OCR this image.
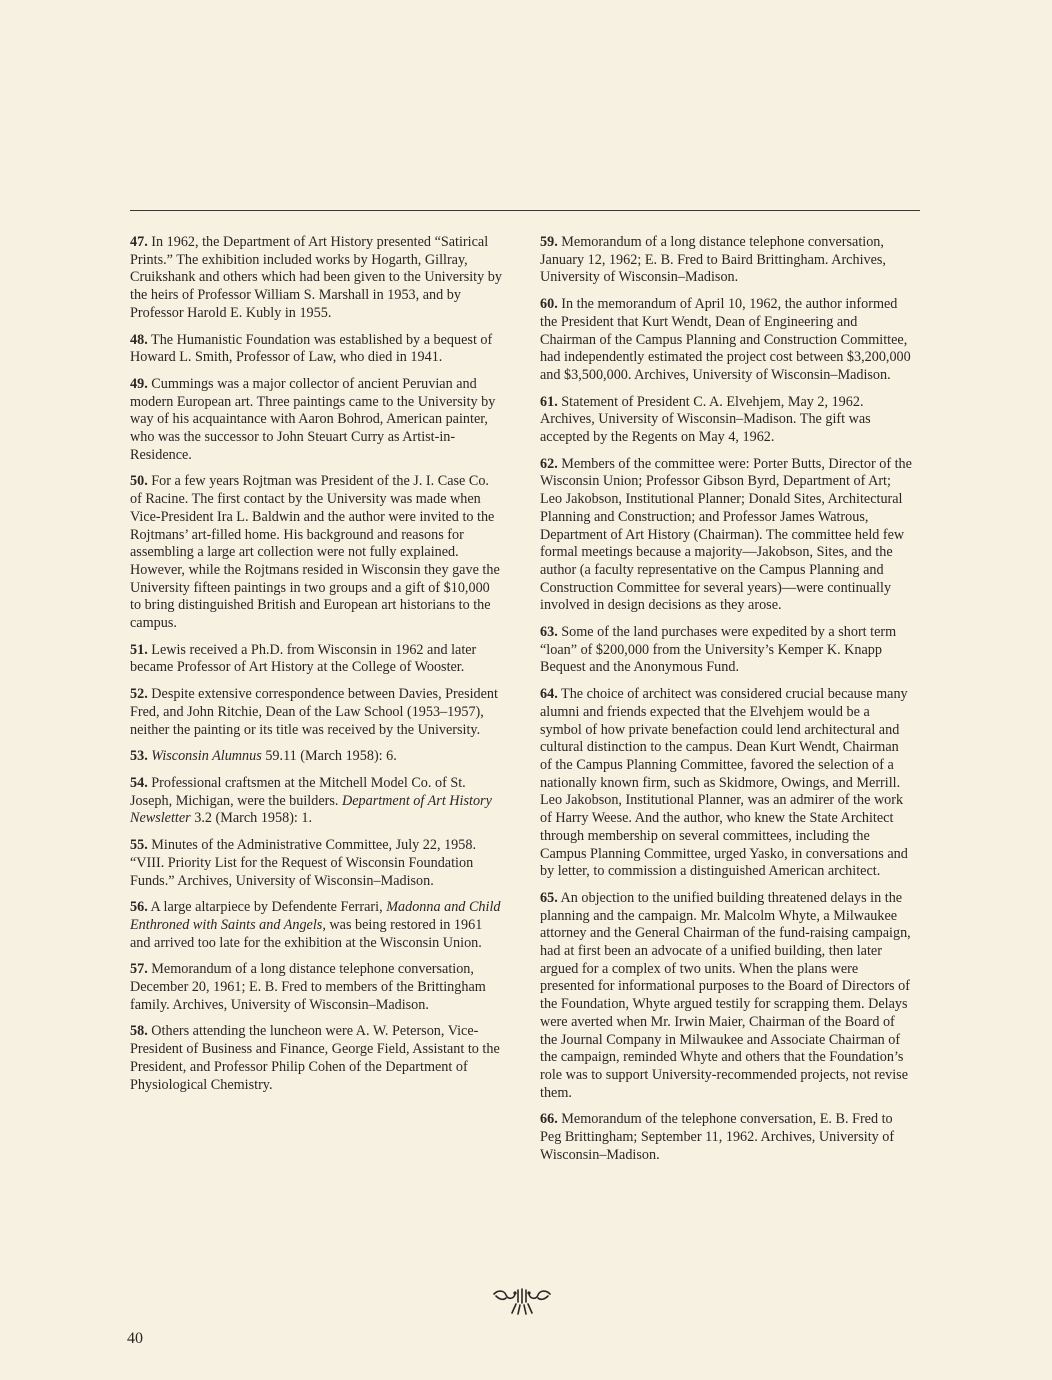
47. In 1962, the Department of Art History presented “Satirical Prints.” The exhibition included works by Hogarth, Gillray, Cruikshank and others which had been given to the University by the heirs of Professor William S. Marshall in 1953, and by Professor Harold E. Kubly in 1955.

48. The Humanistic Foundation was established by a bequest of Howard L. Smith, Professor of Law, who died in 1941.

49. Cummings was a major collector of ancient Peruvian and modern European art. Three paintings came to the University by way of his acquaintance with Aaron Bohrod, American painter, who was the successor to John Steuart Curry as Artist-in-Residence.

50. For a few years Rojtman was President of the J. I. Case Co. of Racine. The first contact by the University was made when Vice-President Ira L. Baldwin and the author were invited to the Rojtmans’ art-filled home. His background and reasons for assembling a large art collection were not fully explained. However, while the Rojtmans resided in Wisconsin they gave the University fifteen paintings in two groups and a gift of $10,000 to bring distinguished British and European art historians to the campus.

51. Lewis received a Ph.D. from Wisconsin in 1962 and later became Professor of Art History at the College of Wooster.

52. Despite extensive correspondence between Davies, President Fred, and John Ritchie, Dean of the Law School (1953–1957), neither the painting or its title was received by the University.

53. Wisconsin Alumnus 59.11 (March 1958): 6.

54. Professional craftsmen at the Mitchell Model Co. of St. Joseph, Michigan, were the builders. Department of Art History Newsletter 3.2 (March 1958): 1.

55. Minutes of the Administrative Committee, July 22, 1958. “VIII. Priority List for the Request of Wisconsin Foundation Funds.” Archives, University of Wisconsin–Madison.

56. A large altarpiece by Defendente Ferrari, Madonna and Child Enthroned with Saints and Angels, was being restored in 1961 and arrived too late for the exhibition at the Wisconsin Union.

57. Memorandum of a long distance telephone conversation, December 20, 1961; E. B. Fred to members of the Brittingham family. Archives, University of Wisconsin–Madison.

58. Others attending the luncheon were A. W. Peterson, Vice-President of Business and Finance, George Field, Assistant to the President, and Professor Philip Cohen of the Department of Physiological Chemistry.

59. Memorandum of a long distance telephone conversation, January 12, 1962; E. B. Fred to Baird Brittingham. Archives, University of Wisconsin–Madison.

60. In the memorandum of April 10, 1962, the author informed the President that Kurt Wendt, Dean of Engineering and Chairman of the Campus Planning and Construction Committee, had independently estimated the project cost between $3,200,000 and $3,500,000. Archives, University of Wisconsin–Madison.

61. Statement of President C. A. Elvehjem, May 2, 1962. Archives, University of Wisconsin–Madison. The gift was accepted by the Regents on May 4, 1962.

62. Members of the committee were: Porter Butts, Director of the Wisconsin Union; Professor Gibson Byrd, Department of Art; Leo Jakobson, Institutional Planner; Donald Sites, Architectural Planning and Construction; and Professor James Watrous, Department of Art History (Chairman). The committee held few formal meetings because a majority—Jakobson, Sites, and the author (a faculty representative on the Campus Planning and Construction Committee for several years)—were continually involved in design decisions as they arose.

63. Some of the land purchases were expedited by a short term “loan” of $200,000 from the University’s Kemper K. Knapp Bequest and the Anonymous Fund.

64. The choice of architect was considered crucial because many alumni and friends expected that the Elvehjem would be a symbol of how private benefaction could lend architectural and cultural distinction to the campus. Dean Kurt Wendt, Chairman of the Campus Planning Committee, favored the selection of a nationally known firm, such as Skidmore, Owings, and Merrill. Leo Jakobson, Institutional Planner, was an admirer of the work of Harry Weese. And the author, who knew the State Architect through membership on several committees, including the Campus Planning Committee, urged Yasko, in conversations and by letter, to commission a distinguished American architect.

65. An objection to the unified building threatened delays in the planning and the campaign. Mr. Malcolm Whyte, a Milwaukee attorney and the General Chairman of the fund-raising campaign, had at first been an advocate of a unified building, then later argued for a complex of two units. When the plans were presented for informational purposes to the Board of Directors of the Foundation, Whyte argued testily for scrapping them. Delays were averted when Mr. Irwin Maier, Chairman of the Board of the Journal Company in Milwaukee and Associate Chairman of the campaign, reminded Whyte and others that the Foundation’s role was to support University-recommended projects, not revise them.

66. Memorandum of the telephone conversation, E. B. Fred to Peg Brittingham; September 11, 1962. Archives, University of Wisconsin–Madison.

40
